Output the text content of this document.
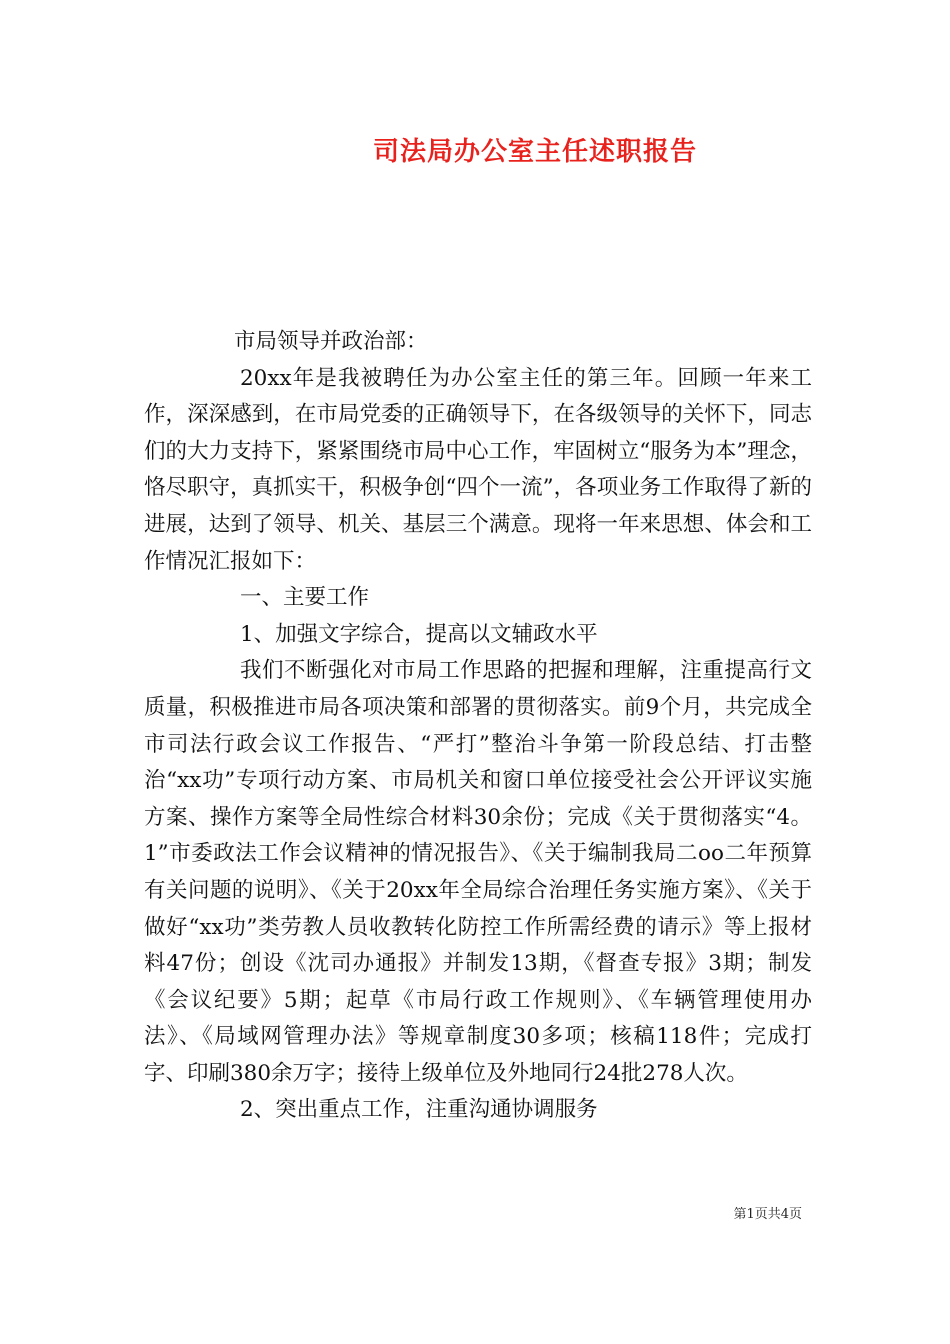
司法局办公室主任述职报告

市局领导并政治部：

20xx年是我被聘任为办公室主任的第三年。回顾一年来工作，深深感到，在市局党委的正确领导下，在各级领导的关怀下，同志们的大力支持下，紧紧围绕市局中心工作，牢固树立“服务为本”理念，恪尽职守，真抓实干，积极争创“四个一流”，各项业务工作取得了新的进展，达到了领导、机关、基层三个满意。现将一年来思想、体会和工作情况汇报如下：

一、主要工作

1、加强文字综合，提高以文辅政水平

我们不断强化对市局工作思路的把握和理解，注重提高行文质量，积极推进市局各项决策和部署的贯彻落实。前9个月，共完成全市司法行政会议工作报告、“严打”整治斗争第一阶段总结、打击整治“xx功”专项行动方案、市局机关和窗口单位接受社会公开评议实施方案、操作方案等全局性综合材料30余份；完成《关于贯彻落实“4。1”市委政法工作会议精神的情况报告》、《关于编制我局二oo二年预算有关问题的说明》、《关于20xx年全局综合治理任务实施方案》、《关于做好“xx功”类劳教人员收教转化防控工作所需经费的请示》等上报材料47份；创设《沈司办通报》并制发13期，《督查专报》3期；制发《会议纪要》5期；起草《市局行政工作规则》、《车辆管理使用办法》、《局域网管理办法》等规章制度30多项；核稿118件；完成打字、印刷380余万字；接待上级单位及外地同行24批278人次。

2、突出重点工作，注重沟通协调服务

第1页共4页
